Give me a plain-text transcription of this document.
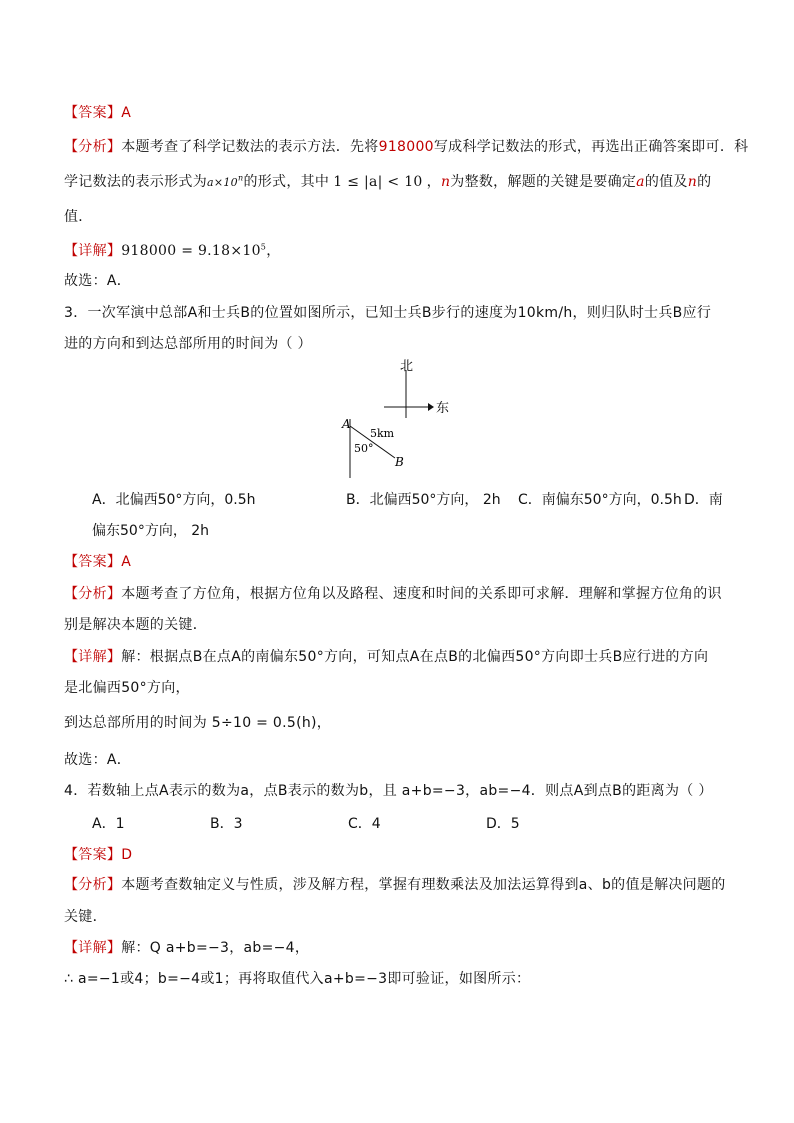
【答案】A
【分析】本题考查了科学记数法的表示方法．先将918000写成科学记数法的形式，再选出正确答案即可．科
学记数法的表示形式为$a\times 10^n$的形式，其中 1 ≤ |a| < 10 ，n为整数，解题的关键是要确定a的值及n的
值．
【详解】$918000 = 9.18\times 10^5$，
故选：A．
3．一次军演中总部A和士兵B的位置如图所示，已知士兵B步行的速度为10km/h，则归队时士兵B应行
进的方向和到达总部所用的时间为（ ）
北
东
A
5km
50°
B
A．北偏西50°方向，0.5h	B．北偏西50°方向， 2h C．南偏东50°方向，0.5h D．南
偏东50°方向， 2h
【答案】A
【分析】本题考查了方位角，根据方位角以及路程、速度和时间的关系即可求解．理解和掌握方位角的识
别是解决本题的关键．
【详解】解：根据点B在点A的南偏东50°方向，可知点A在点B的北偏西50°方向即士兵B应行进的方向
是北偏西50°方向，
到达总部所用的时间为 5÷10 = 0.5(h)，
故选：A．
4．若数轴上点A表示的数为a，点B表示的数为b，且 a+b=−3，ab=−4．则点A到点B的距离为（ ）
A．1	B．3	C．4	D．5
【答案】D
【分析】本题考查数轴定义与性质，涉及解方程，掌握有理数乘法及加法运算得到a、b的值是解决问题的
关键．
【详解】解：Q a+b=−3，ab=−4，
∴ a=−1或4；b=−4或1；再将取值代入a+b=−3即可验证，如图所示：
